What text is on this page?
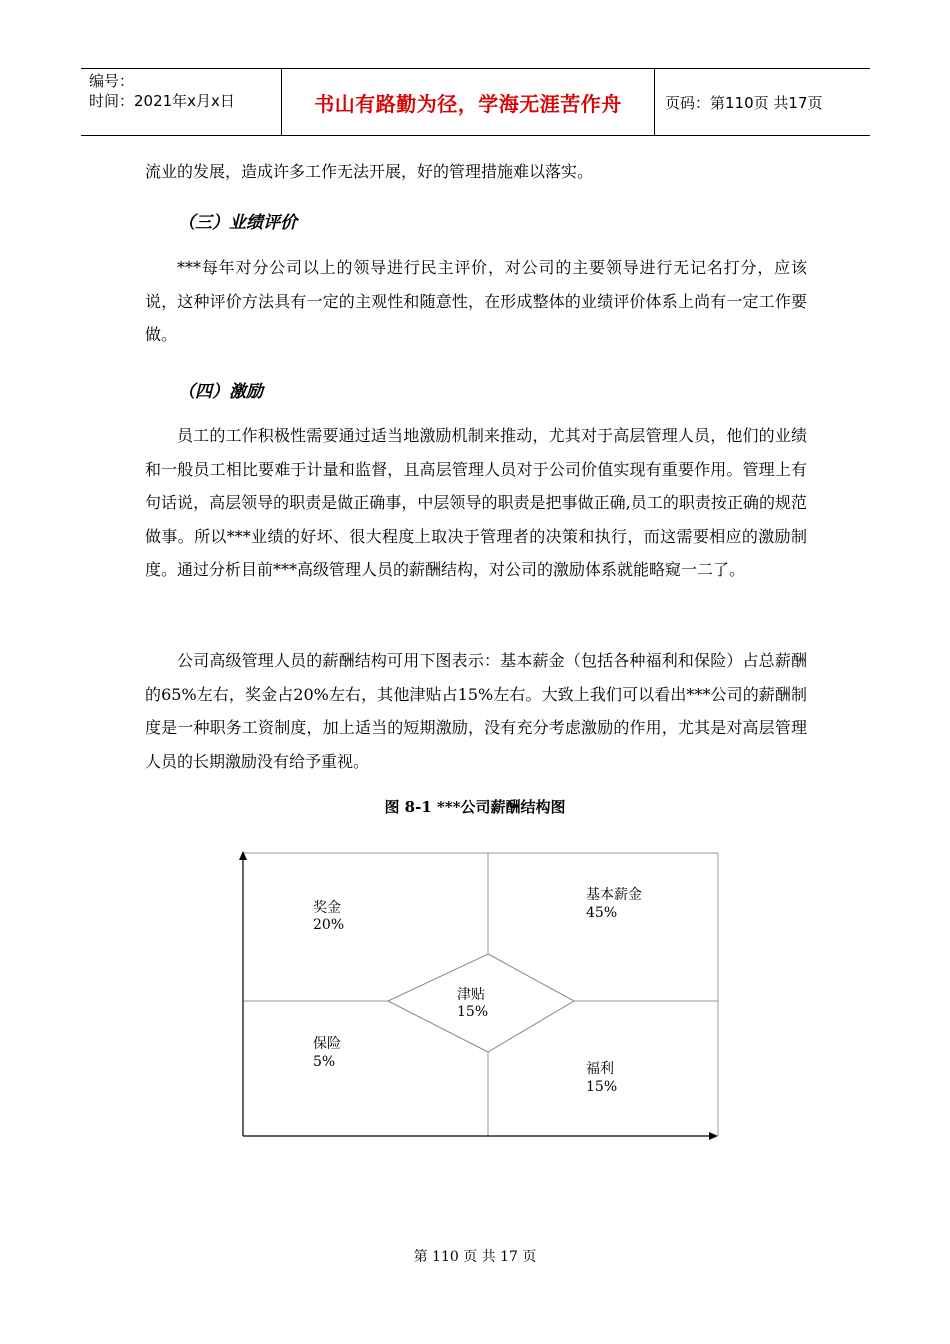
编号：
时间：2021年x月x日	书山有路勤为径，学海无涯苦作舟	页码：第110页 共17页

流业的发展，造成许多工作无法开展，好的管理措施难以落实。

（三）业绩评价

***每年对分公司以上的领导进行民主评价，对公司的主要领导进行无记名打分，应该说，这种评价方法具有一定的主观性和随意性，在形成整体的业绩评价体系上尚有一定工作要做。

（四）激励

员工的工作积极性需要通过适当地激励机制来推动，尤其对于高层管理人员，他们的业绩和一般员工相比要难于计量和监督，且高层管理人员对于公司价值实现有重要作用。管理上有句话说，高层领导的职责是做正确事，中层领导的职责是把事做正确,员工的职责按正确的规范做事。所以***业绩的好坏、很大程度上取决于管理者的决策和执行，而这需要相应的激励制度。通过分析目前***高级管理人员的薪酬结构，对公司的激励体系就能略窥一二了。

公司高级管理人员的薪酬结构可用下图表示：基本薪金（包括各种福利和保险）占总薪酬的65%左右，奖金占20%左右，其他津贴占15%左右。大致上我们可以看出***公司的薪酬制度是一种职务工资制度，加上适当的短期激励，没有充分考虑激励的作用，尤其是对高层管理人员的长期激励没有给予重视。

图 8-1 ***公司薪酬结构图
奖金
20%
基本薪金
45%
津贴
15%
保险
5%	福利
15%
第 110 页 共 17 页
